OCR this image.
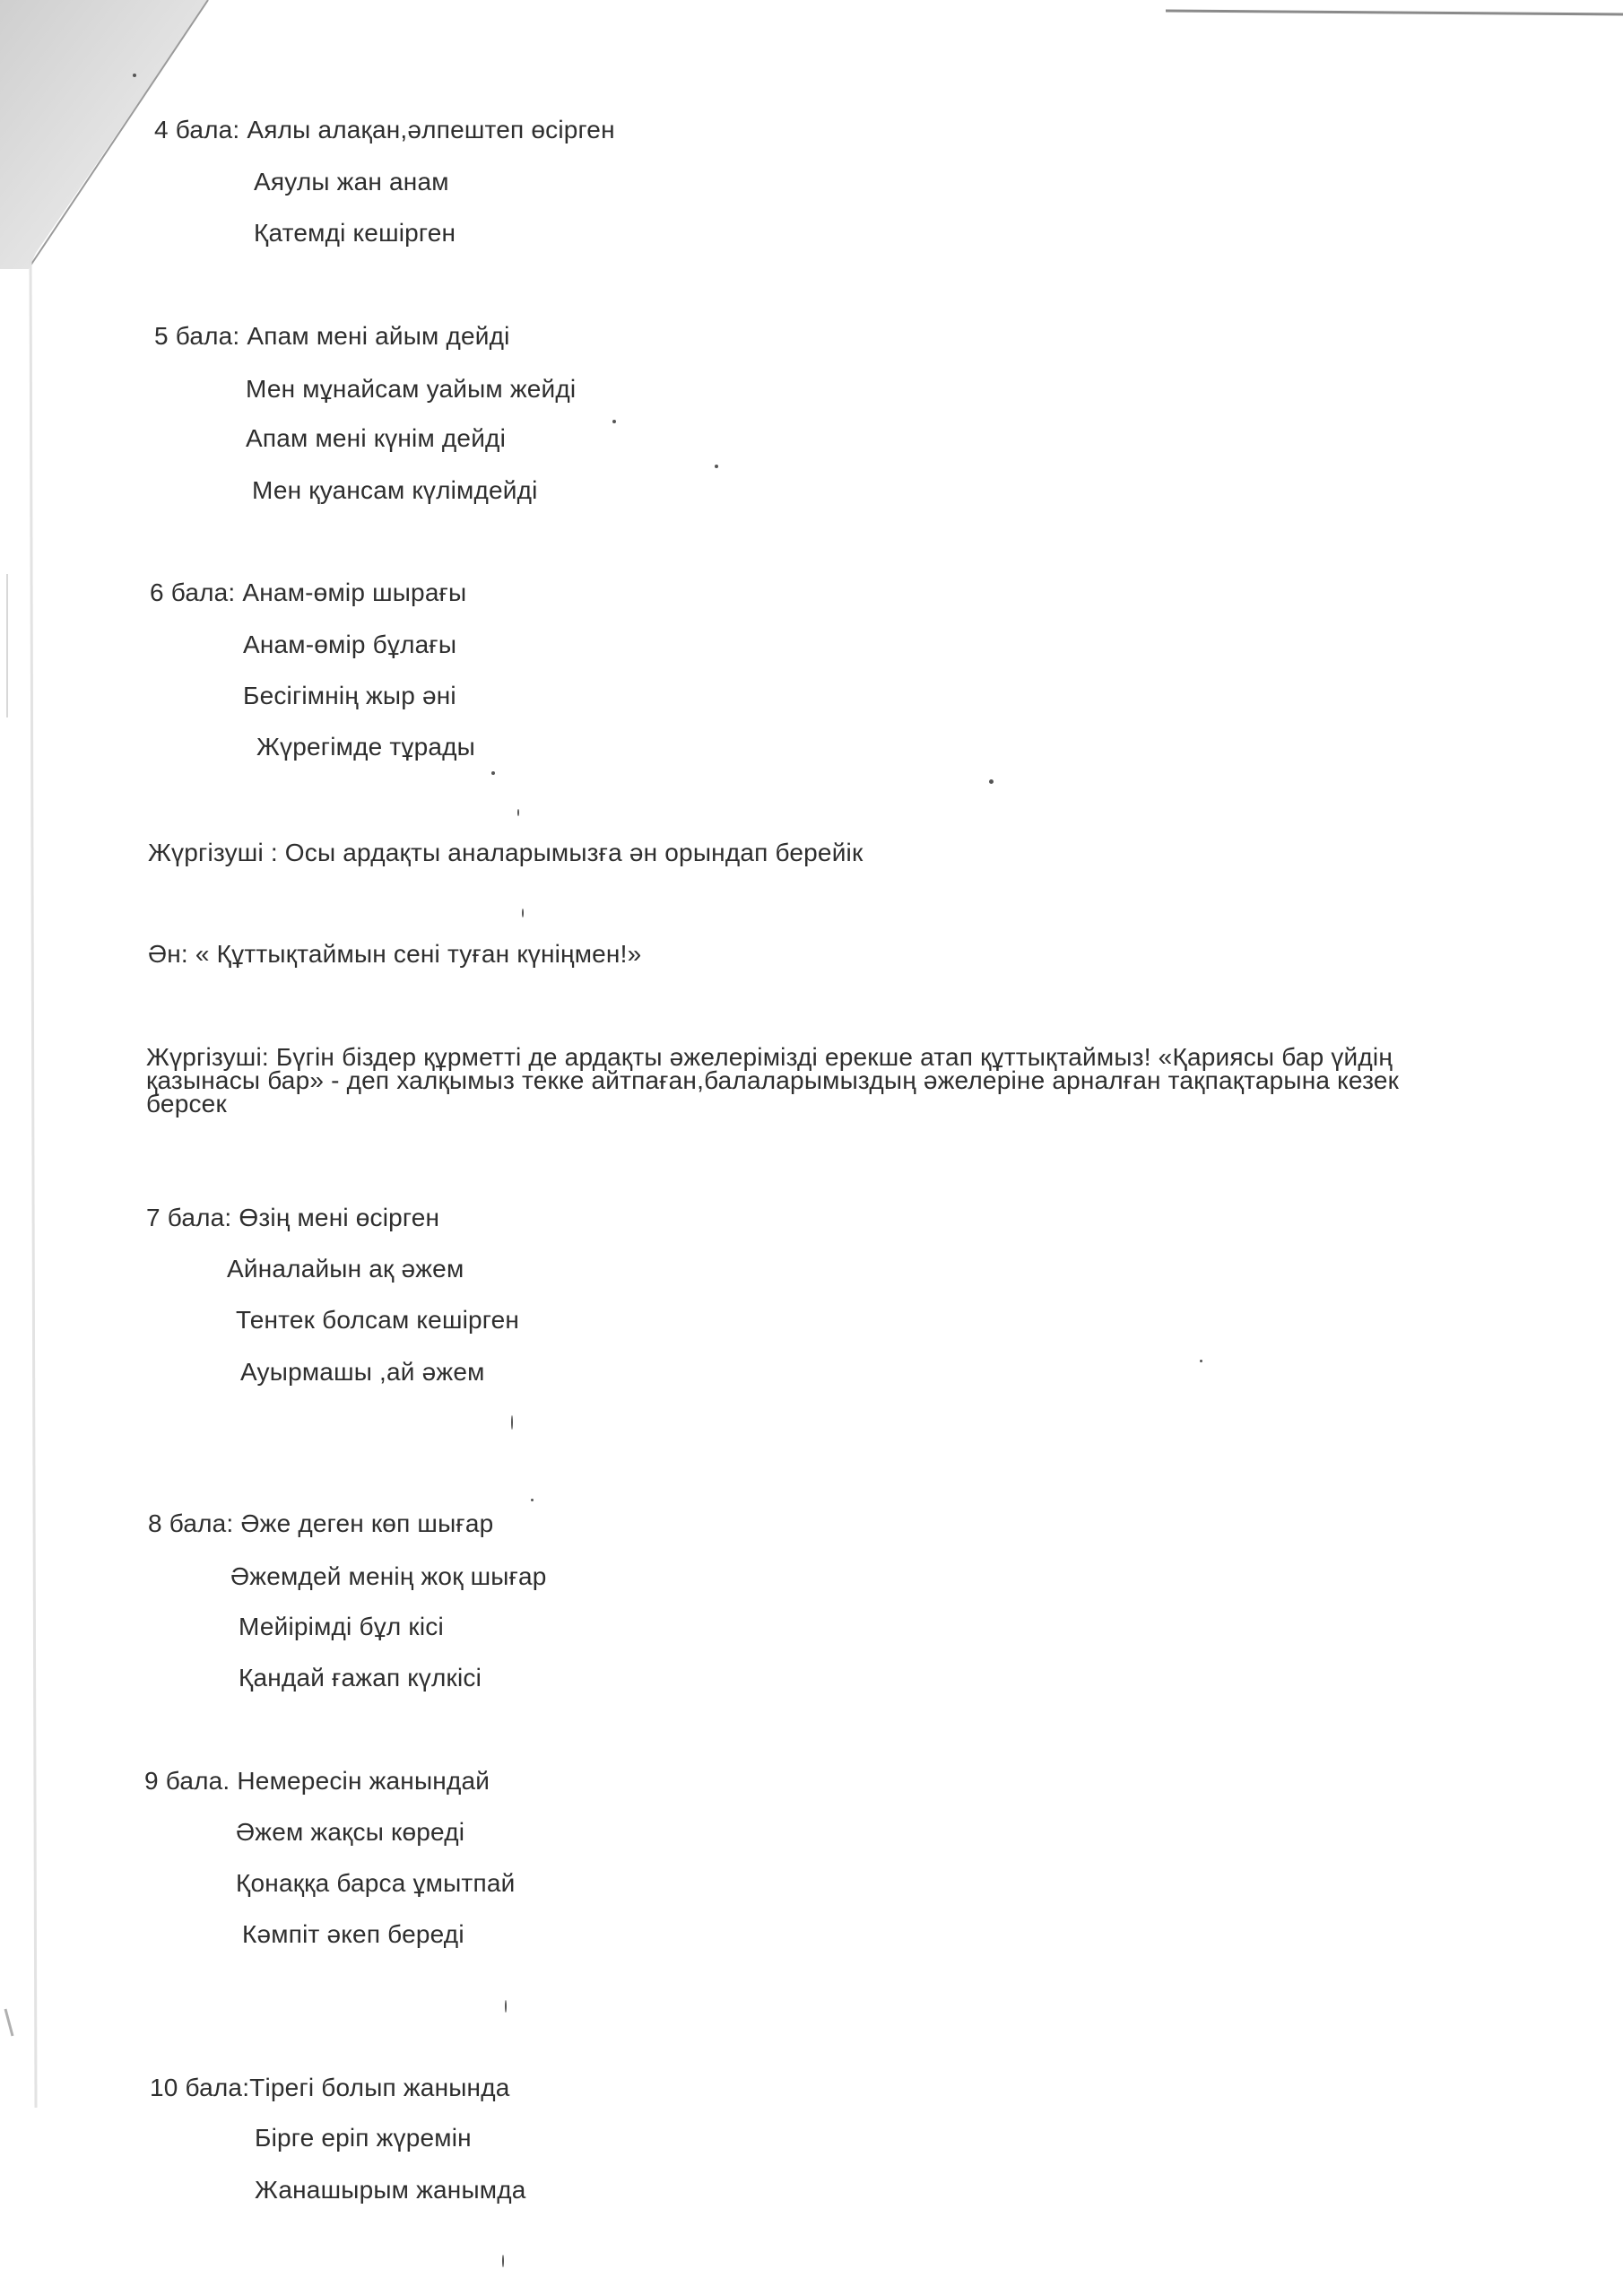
4 бала: Аялы алақан,әлпештеп өсірген

Аяулы жан анам

Қатемді кешірген

5 бала: Апам мені айым дейді

Мен мұнайсам уайым жейді

Апам мені күнім дейді

Мен қуансам күлімдейді

6 бала: Анам-өмір шырағы

Анам-өмір бұлағы

Бесігімнің жыр әні

Жүрегімде тұрады

Жүргізуші : Осы ардақты аналарымызға ән орындап берейік

Ән: « Құттықтаймын сені туған күніңмен!»

Жүргізуші: Бүгін біздер құрметті де ардақты әжелерімізді ерекше атап құттықтаймыз! «Қариясы бар үйдің
қазынасы бар» - деп халқымыз текке айтпаған,балаларымыздың әжелеріне арналған тақпақтарына кезек
берсек

7 бала: Өзің мені өсірген

Айналайын ақ әжем

Тентек болсам кешірген

Ауырмашы ,ай әжем

8 бала: Әже деген көп шығар

Әжемдей менің жоқ шығар

Мейірімді бұл кісі

Қандай ғажап күлкісі

9 бала. Немересін жанындай

Әжем жақсы көреді

Қонаққа барса ұмытпай

Кәмпіт әкеп береді

10 бала:Тірегі болып жанында

Бірге еріп жүремін

Жанашырым жанымда
